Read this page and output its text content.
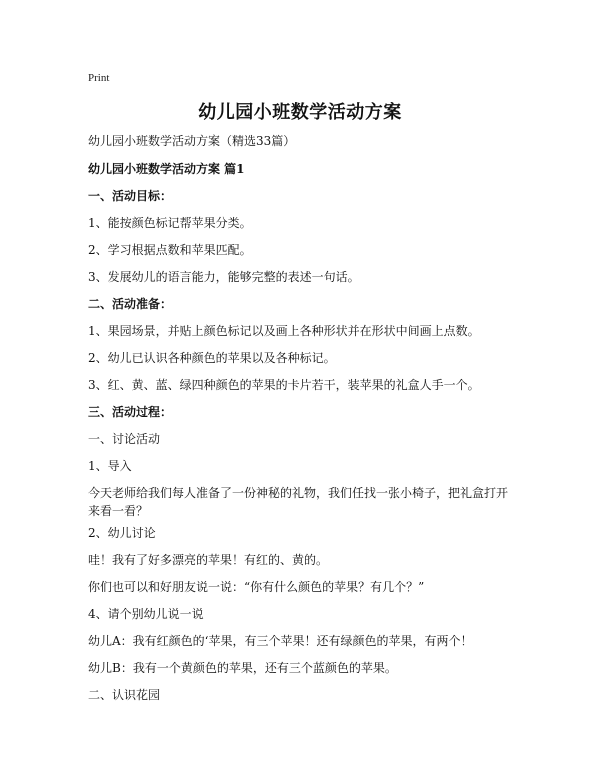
Print
幼儿园小班数学活动方案
幼儿园小班数学活动方案（精选33篇）
幼儿园小班数学活动方案 篇1
一、活动目标：
1、能按颜色标记帮苹果分类。
2、学习根据点数和苹果匹配。
3、发展幼儿的语言能力，能够完整的表述一句话。
二、活动准备：
1、果园场景，并贴上颜色标记以及画上各种形状并在形状中间画上点数。
2、幼儿已认识各种颜色的苹果以及各种标记。
3、红、黄、蓝、绿四种颜色的苹果的卡片若干，装苹果的礼盒人手一个。
三、活动过程：
一、讨论活动
1、导入
今天老师给我们每人准备了一份神秘的礼物，我们任找一张小椅子，把礼盒打开来看一看？
2、幼儿讨论
哇！我有了好多漂亮的苹果！有红的、黄的。
你们也可以和好朋友说一说：“你有什么颜色的苹果？有几个？”
4、请个别幼儿说一说
幼儿A：我有红颜色的‘苹果，有三个苹果！还有绿颜色的苹果，有两个！
幼儿B：我有一个黄颜色的苹果，还有三个蓝颜色的苹果。
二、认识花园
